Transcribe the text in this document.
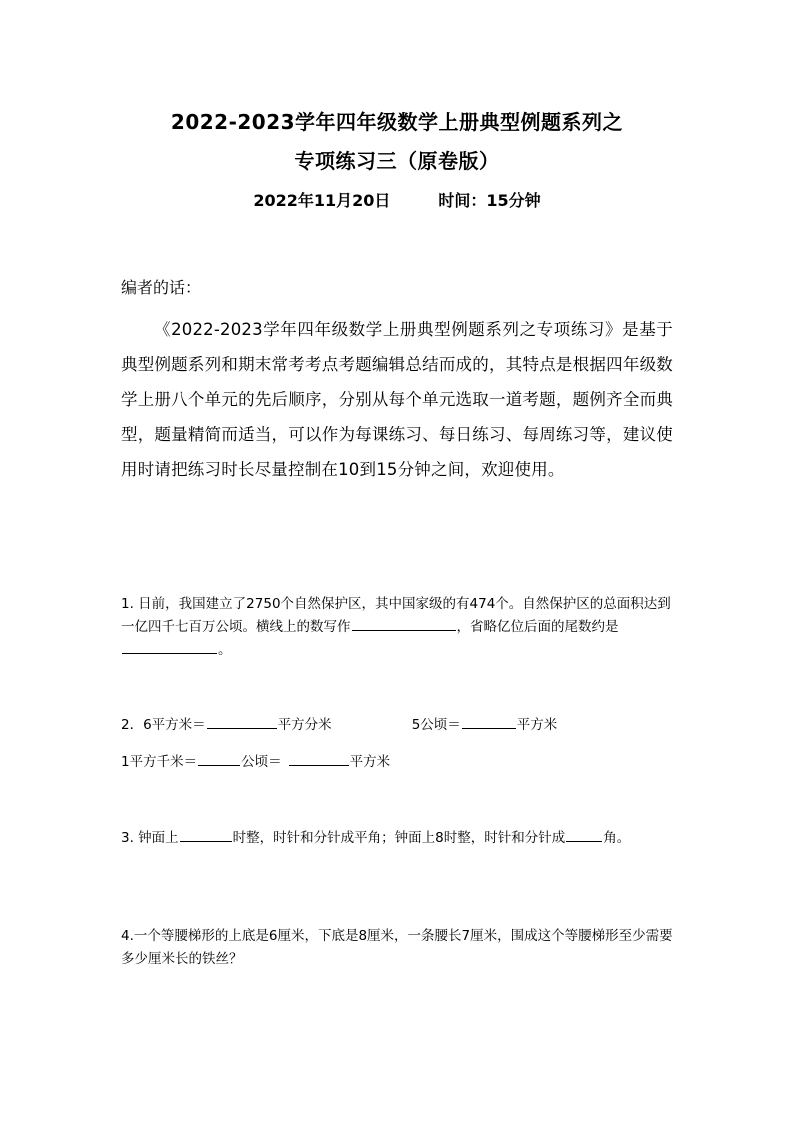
2022-2023学年四年级数学上册典型例题系列之
专项练习三（原卷版）
2022年11月20日	时间：15分钟
编者的话：
《2022-2023学年四年级数学上册典型例题系列之专项练习》是基于典型例题系列和期末常考考点考题编辑总结而成的，其特点是根据四年级数学上册八个单元的先后顺序，分别从每个单元选取一道考题，题例齐全而典型，题量精简而适当，可以作为每课练习、每日练习、每周练习等，建议使用时请把练习时长尽量控制在10到15分钟之间，欢迎使用。
1. 日前，我国建立了2750个自然保护区，其中国家级的有474个。自然保护区的总面积达到一亿四千七百万公顷。横线上的数写作	，省略亿位后面的尾数约是。
2．6平方米＝	平方分米	5公顷＝	平方米
1平方千米＝	公顷＝	平方米
3. 钟面上	时整，时针和分针成平角；钟面上8时整，时针和分针成	角。
4.一个等腰梯形的上底是6厘米，下底是8厘米，一条腰长7厘米，围成这个等腰梯形至少需要多少厘米长的铁丝？
